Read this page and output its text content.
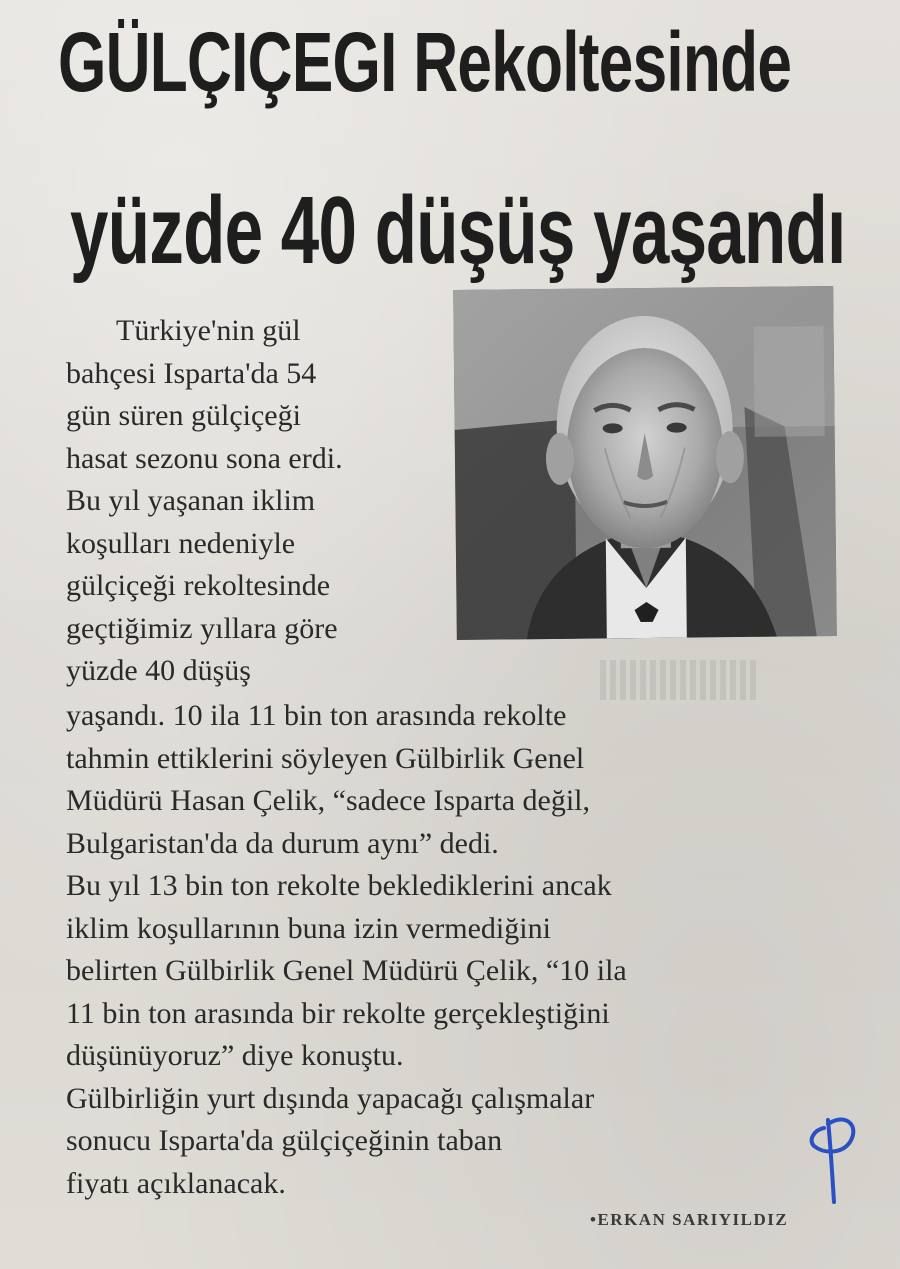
GÜLÇIÇEGI Rekoltesinde
yüzde 40 düşüş yaşandı
Türkiye'nin gül
bahçesi Isparta'da 54
gün süren gülçiçeği
hasat sezonu sona erdi.
Bu yıl yaşanan iklim
koşulları nedeniyle
gülçiçeği rekoltesinde
geçtiğimiz yıllara göre
yüzde 40 düşüş
yaşandı. 10 ila 11 bin ton arasında rekolte
tahmin ettiklerini söyleyen Gülbirlik Genel
Müdürü Hasan Çelik, “sadece Isparta değil,
Bulgaristan'da da durum aynı” dedi.
Bu yıl 13 bin ton rekolte beklediklerini ancak
iklim koşullarının buna izin vermediğini
belirten Gülbirlik Genel Müdürü Çelik, “10 ila
11 bin ton arasında bir rekolte gerçekleştiğini
düşünüyoruz” diye konuştu.
Gülbirliğin yurt dışında yapacağı çalışmalar
sonucu Isparta'da gülçiçeğinin taban
fiyatı açıklanacak.
•ERKAN SARIYILDIZ
